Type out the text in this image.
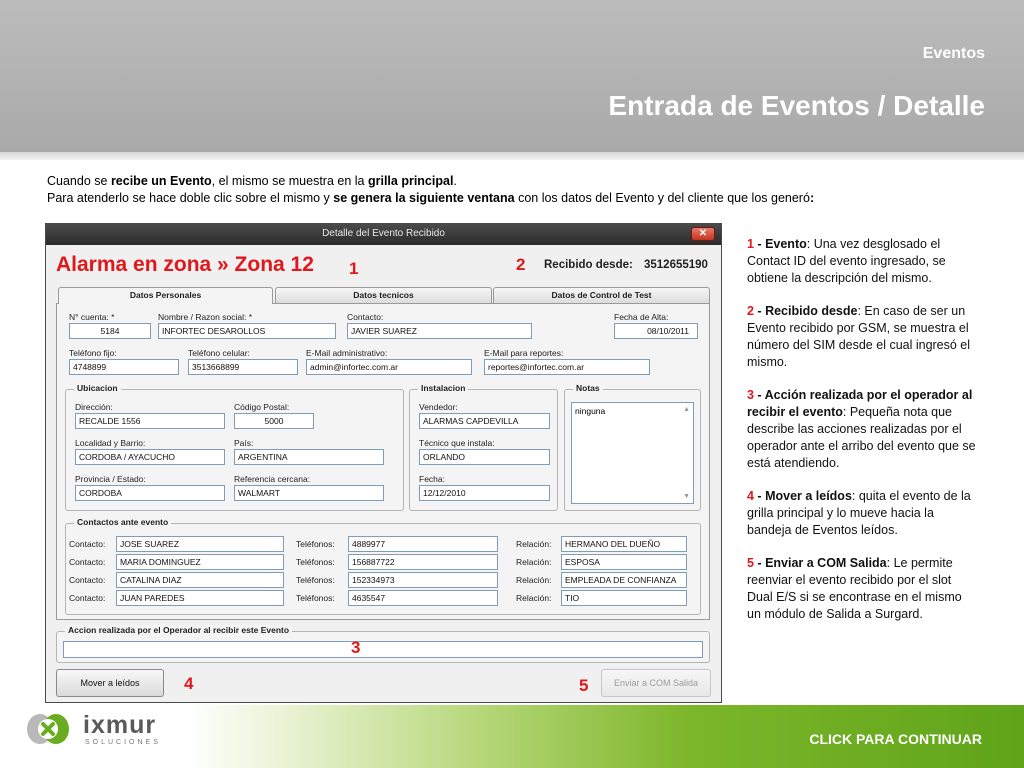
Eventos
Entrada de Eventos / Detalle
Cuando se recibe un Evento, el mismo se muestra en la grilla principal.
Para atenderlo se hace doble clic sobre el mismo y se genera la siguiente ventana con los datos del Evento y del cliente que los generó:
Detalle del Evento Recibido	✕
Alarma en zona » Zona 12	Recibido desde: 3512655190
1	2
Datos Personales	Datos tecnicos	Datos de Control de Test
N° cuenta: *
5184
Nombre / Razon social: *
INFORTEC DESAROLLOS
Contacto:
JAVIER SUAREZ
Fecha de Alta:
08/10/2011
Teléfono fijo:
4748899
Teléfono celular:
3513668899
E-Mail administrativo:
admin@infortec.com.ar
E-Mail para reportes:
reportes@infortec.com.ar
Ubicacion
Dirección:
RECALDE 1556
Código Postal:
5000
Localidad y Barrio:
CORDOBA / AYACUCHO
País:
ARGENTINA
Provincia / Estado:
CORDOBA
Referencia cercana:
WALMART
Instalacion
Vendedor:
ALARMAS CAPDEVILLA
Técnico que instala:
ORLANDO
Fecha:
12/12/2010
Notas
ninguna	▲
▼
Contactos ante evento
Contacto:	JOSE SUAREZ	Teléfonos:	4889977	Relación:	HERMANO DEL DUEÑO
Contacto:	MARIA DOMINGUEZ	Teléfonos:	156887722	Relación:	ESPOSA
Contacto:	CATALINA DIAZ	Teléfonos:	152334973	Relación:	EMPLEADA DE CONFIANZA
Contacto:	JUAN PAREDES	Teléfonos:	4635547	Relación:	TIO
Accion realizada por el Operador al recibir este Evento
3
Mover a leídos	4	5	Enviar a COM Salida
1 - Evento: Una vez desglosado el Contact ID del evento ingresado, se obtiene la descripción del mismo.
2 - Recibido desde: En caso de ser un Evento recibido por GSM, se muestra el número del SIM desde el cual ingresó el mismo.
3 - Acción realizada por el operador al recibir el evento: Pequeña nota que describe las acciones realizadas por el operador ante el arribo del evento que se está atendiendo.
4 - Mover a leídos: quita el evento de la grilla principal y lo mueve hacia la bandeja de Eventos leídos.
5 - Enviar a COM Salida: Le permite reenviar el evento recibido por el slot Dual E/S si se encontrase en el mismo un módulo de Salida a Surgard.
CLICK PARA CONTINUAR
ixmur
SOLUCIONES
